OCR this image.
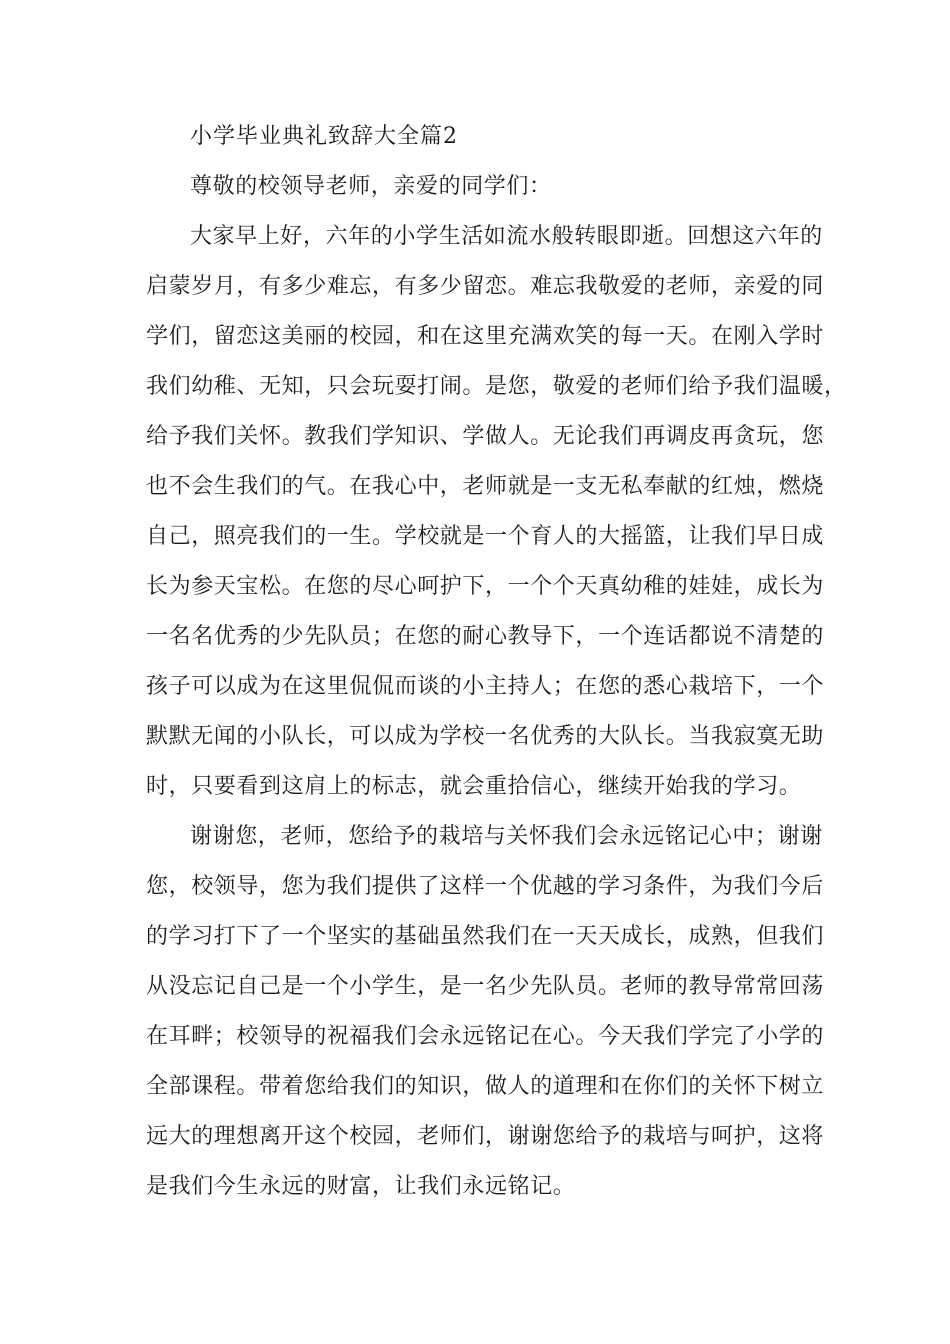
小学毕业典礼致辞大全篇2
尊敬的校领导老师，亲爱的同学们：
大家早上好，六年的小学生活如流水般转眼即逝。回想这六年的
启蒙岁月，有多少难忘，有多少留恋。难忘我敬爱的老师，亲爱的同
学们，留恋这美丽的校园，和在这里充满欢笑的每一天。在刚入学时
我们幼稚、无知，只会玩耍打闹。是您，敬爱的老师们给予我们温暖，
给予我们关怀。教我们学知识、学做人。无论我们再调皮再贪玩，您
也不会生我们的气。在我心中，老师就是一支无私奉献的红烛，燃烧
自己，照亮我们的一生。学校就是一个育人的大摇篮，让我们早日成
长为参天宝松。在您的尽心呵护下，一个个天真幼稚的娃娃，成长为
一名名优秀的少先队员；在您的耐心教导下，一个连话都说不清楚的
孩子可以成为在这里侃侃而谈的小主持人；在您的悉心栽培下，一个
默默无闻的小队长，可以成为学校一名优秀的大队长。当我寂寞无助
时，只要看到这肩上的标志，就会重拾信心，继续开始我的学习。
谢谢您，老师，您给予的栽培与关怀我们会永远铭记心中；谢谢
您，校领导，您为我们提供了这样一个优越的学习条件，为我们今后
的学习打下了一个坚实的基础虽然我们在一天天成长，成熟，但我们
从没忘记自己是一个小学生，是一名少先队员。老师的教导常常回荡
在耳畔；校领导的祝福我们会永远铭记在心。今天我们学完了小学的
全部课程。带着您给我们的知识，做人的道理和在你们的关怀下树立
远大的理想离开这个校园，老师们，谢谢您给予的栽培与呵护，这将
是我们今生永远的财富，让我们永远铭记。
